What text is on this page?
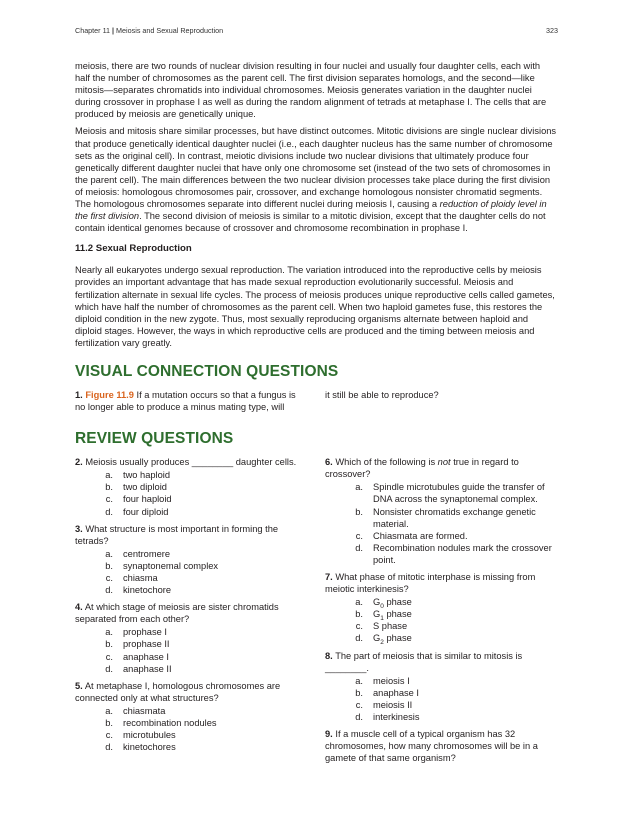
Chapter 11 | Meiosis and Sexual Reproduction	323

meiosis, there are two rounds of nuclear division resulting in four nuclei and usually four daughter cells, each with half the number of chromosomes as the parent cell. The first division separates homologs, and the second—like mitosis—separates chromatids into individual chromosomes. Meiosis generates variation in the daughter nuclei during crossover in prophase I as well as during the random alignment of tetrads at metaphase I. The cells that are produced by meiosis are genetically unique.

Meiosis and mitosis share similar processes, but have distinct outcomes. Mitotic divisions are single nuclear divisions that produce genetically identical daughter nuclei (i.e., each daughter nucleus has the same number of chromosome sets as the original cell). In contrast, meiotic divisions include two nuclear divisions that ultimately produce four genetically different daughter nuclei that have only one chromosome set (instead of the two sets of chromosomes in the parent cell). The main differences between the two nuclear division processes take place during the first division of meiosis: homologous chromosomes pair, crossover, and exchange homologous nonsister chromatid segments. The homologous chromosomes separate into different nuclei during meiosis I, causing a reduction of ploidy level in the first division. The second division of meiosis is similar to a mitotic division, except that the daughter cells do not contain identical genomes because of crossover and chromosome recombination in prophase I.

11.2 Sexual Reproduction

Nearly all eukaryotes undergo sexual reproduction. The variation introduced into the reproductive cells by meiosis provides an important advantage that has made sexual reproduction evolutionarily successful. Meiosis and fertilization alternate in sexual life cycles. The process of meiosis produces unique reproductive cells called gametes, which have half the number of chromosomes as the parent cell. When two haploid gametes fuse, this restores the diploid condition in the new zygote. Thus, most sexually reproducing organisms alternate between haploid and diploid stages. However, the ways in which reproductive cells are produced and the timing between meiosis and fertilization vary greatly.

VISUAL CONNECTION QUESTIONS
1. Figure 11.9 If a mutation occurs so that a fungus is no longer able to produce a minus mating type, will
it still be able to reproduce?
REVIEW QUESTIONS

2. Meiosis usually produces ________ daughter cells.

a.	two haploid
b.	two diploid
c.	four haploid
d.	four diploid

3. What structure is most important in forming the tetrads?

a.	centromere
b.	synaptonemal complex
c.	chiasma
d.	kinetochore

4. At which stage of meiosis are sister chromatids separated from each other?

a.	prophase I
b.	prophase II
c.	anaphase I
d.	anaphase II

5. At metaphase I, homologous chromosomes are connected only at what structures?

a.	chiasmata
b.	recombination nodules
c.	microtubules
d.	kinetochores

6. Which of the following is not true in regard to crossover?

a.	Spindle microtubules guide the transfer of DNA across the synaptonemal complex.
b.	Nonsister chromatids exchange genetic material.
c.	Chiasmata are formed.
d.	Recombination nodules mark the crossover point.

7. What phase of mitotic interphase is missing from meiotic interkinesis?

a.	$G_0$ phase
b.	$G_1$ phase
c.	S phase
d.	$G_2$ phase

8. The part of meiosis that is similar to mitosis is ________.

a.	meiosis I
b.	anaphase I
c.	meiosis II
d.	interkinesis

9. If a muscle cell of a typical organism has 32 chromosomes, how many chromosomes will be in a gamete of that same organism?
